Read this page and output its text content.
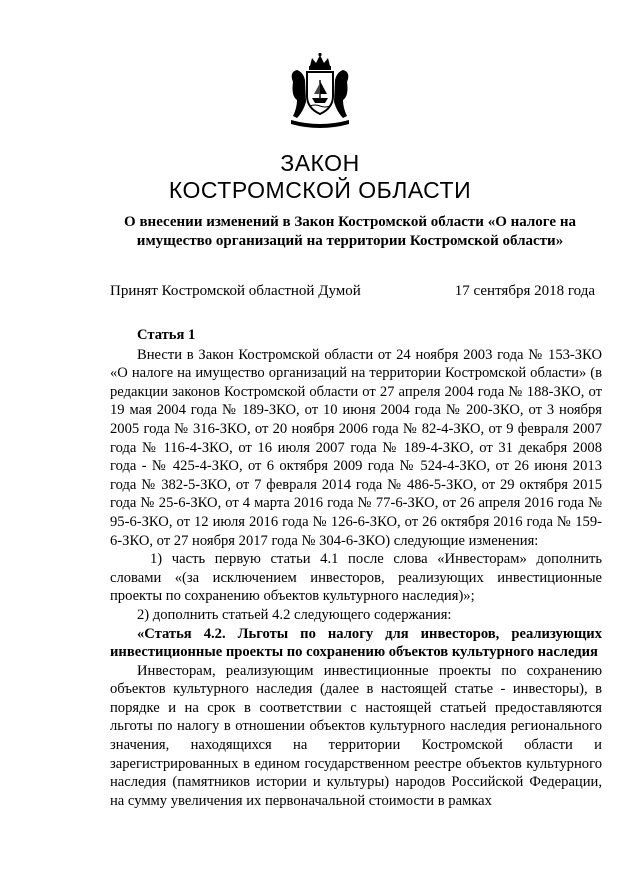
ЗАКОН
КОСТРОМСКОЙ ОБЛАСТИ
О внесении изменений в Закон Костромской области «О налоге на имущество организаций на территории Костромской области»
Принят Костромской областной Думой	17 сентября 2018 года

Статья 1

Внести в Закон Костромской области от 24 ноября 2003 года № 153-ЗКО «О налоге на имущество организаций на территории Костромской области» (в редакции законов Костромской области от 27 апреля 2004 года № 188-ЗКО, от 19 мая 2004 года № 189-ЗКО, от 10 июня 2004 года № 200-ЗКО, от 3 ноября 2005 года № 316-ЗКО, от 20 ноября 2006 года № 82-4-ЗКО, от 9 февраля 2007 года № 116-4-ЗКО, от 16 июля 2007 года № 189-4-ЗКО, от 31 декабря 2008 года - № 425-4-ЗКО, от 6 октября 2009 года № 524-4-ЗКО, от 26 июня 2013 года № 382-5-ЗКО, от 7 февраля 2014 года № 486-5-ЗКО, от 29 октября 2015 года № 25-6-ЗКО, от 4 марта 2016 года № 77-6-ЗКО, от 26 апреля 2016 года № 95-6-ЗКО, от 12 июля 2016 года № 126-6-ЗКО, от 26 октября 2016 года № 159-6-ЗКО, от 27 ноября 2017 года № 304-6-ЗКО) следующие изменения:

1) часть первую статьи 4.1 после слова «Инвесторам» дополнить словами «(за исключением инвесторов, реализующих инвестиционные проекты по сохранению объектов культурного наследия)»;

2) дополнить статьей 4.2 следующего содержания:

«Статья 4.2. Льготы по налогу для инвесторов, реализующих инвестиционные проекты по сохранению объектов культурного наследия

Инвесторам, реализующим инвестиционные проекты по сохранению объектов культурного наследия (далее в настоящей статье - инвесторы), в порядке и на срок в соответствии с настоящей статьей предоставляются льготы по налогу в отношении объектов культурного наследия регионального значения, находящихся на территории Костромской области и зарегистрированных в едином государственном реестре объектов культурного наследия (памятников истории и культуры) народов Российской Федерации, на сумму увеличения их первоначальной стоимости в рамках
